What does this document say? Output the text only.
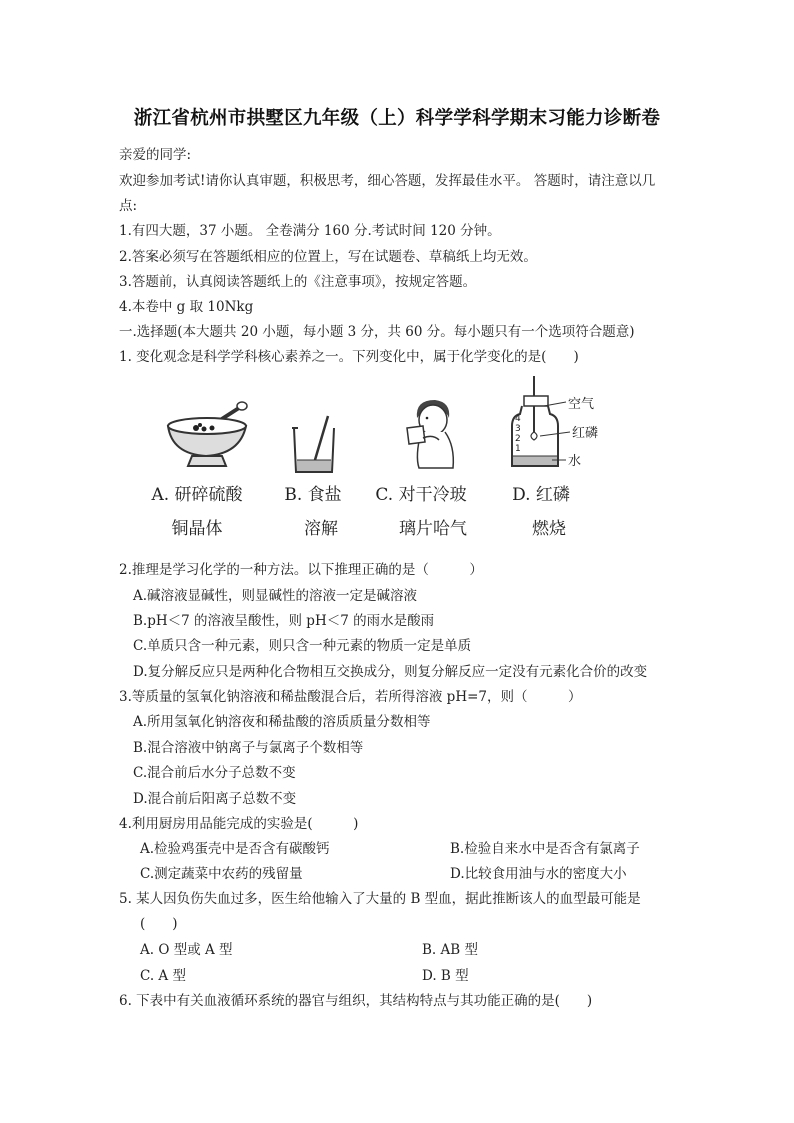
浙江省杭州市拱墅区九年级（上）科学学科学期末习能力诊断卷
亲爱的同学:
欢迎参加考试!请你认真审题，积极思考，细心答题，发挥最佳水平。 答题时，请注意以几
点:
1.有四大题，37 小题。 全卷满分 160 分.考试时间 120 分钟。
2.答案必须写在答题纸相应的位置上，写在试题卷、草稿纸上均无效。
3.答题前，认真阅读答题纸上的《注意事项》，按规定答题。
4.本卷中 g 取 10Nkg
一.选择题(本大题共 20 小题，每小题 3 分，共 60 分。每小题只有一个选项符合题意)
1. 变化观念是科学学科核心素养之一。下列变化中，属于化学变化的是(　　)
4
3
2
1
空气
红磷
水
A. 研碎硫酸
铜晶体
B. 食盐
溶解
C. 对干冷玻
璃片哈气
D. 红磷
燃烧
2.推理是学习化学的一种方法。以下推理正确的是（　　　）
A.碱溶液显碱性，则显碱性的溶液一定是碱溶液
B.pH＜7 的溶液呈酸性，则 pH＜7 的雨水是酸雨
C.单质只含一种元素，则只含一种元素的物质一定是单质
D.复分解反应只是两种化合物相互交换成分，则复分解反应一定没有元素化合价的改变
3.等质量的氢氧化钠溶液和稀盐酸混合后，若所得溶液 pH=7，则（　　　）
A.所用氢氧化钠溶夜和稀盐酸的溶质质量分数相等
B.混合溶液中钠离子与氯离子个数相等
C.混合前后水分子总数不变
D.混合前后阳离子总数不变
4.利用厨房用品能完成的实验是(　　　)
A.检验鸡蛋壳中是否含有碳酸钙	B.检验自来水中是否含有氯离子
C.测定蔬菜中农药的残留量	D.比较食用油与水的密度大小
5. 某人因负伤失血过多，医生给他输入了大量的 B 型血，据此推断该人的血型最可能是
(　　)
A. O 型或 A 型	B. AB 型
C. A 型	D. B 型
6. 下表中有关血液循环系统的器官与组织，其结构特点与其功能正确的是(　　)
